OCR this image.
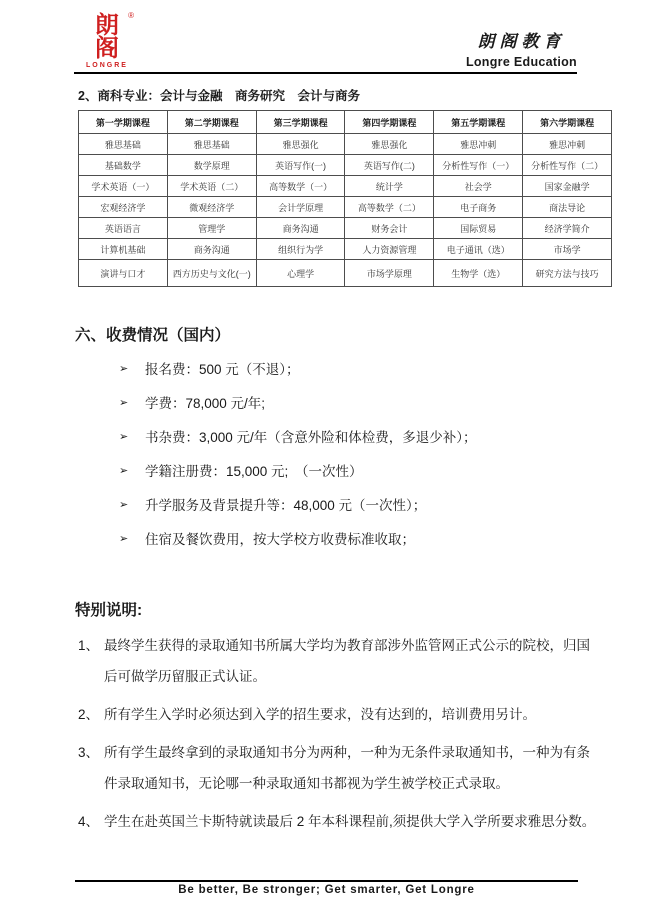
®
朗
阁
LONGRE
朗阁教育
Longre Education
2、商科专业：会计与金融　商务研究　会计与商务
第一学期课程	第二学期课程	第三学期课程	第四学期课程	第五学期课程	第六学期课程
雅思基础	雅思基础	雅思强化	雅思强化	雅思冲刺	雅思冲刺
基础数学	数学原理	英语写作(一)	英语写作(二)	分析性写作（一）	分析性写作（二）
学术英语（一）	学术英语（二）	高等数学（一）	统计学	社会学	国家金融学
宏观经济学	微观经济学	会计学原理	高等数学（二）	电子商务	商法导论
英语语言	管理学	商务沟通	财务会计	国际贸易	经济学简介
计算机基础	商务沟通	组织行为学	人力资源管理	电子通讯（选）	市场学
演讲与口才	西方历史与文化(一)	心理学	市场学原理	生物学（选）	研究方法与技巧
六、收费情况（国内）
➢	报名费：500 元（不退）；
➢	学费：78,000 元/年;
➢	书杂费：3,000 元/年（含意外险和体检费，多退少补）；
➢	学籍注册费：15,000 元;　（一次性）
➢	升学服务及背景提升等：48,000 元（一次性）；
➢	住宿及餐饮费用，按大学校方收费标准收取；
特别说明:
1、 最终学生获得的录取通知书所属大学均为教育部涉外监管网正式公示的院校，归国后可做学历留服正式认证。
2、 所有学生入学时必须达到入学的招生要求，没有达到的，培训费用另计。
3、 所有学生最终拿到的录取通知书分为两种，一种为无条件录取通知书，一种为有条件录取通知书，无论哪一种录取通知书都视为学生被学校正式录取。
4、 学生在赴英国兰卡斯特就读最后 2 年本科课程前,须提供大学入学所要求雅思分数。
Be better, Be stronger; Get smarter, Get Longre
